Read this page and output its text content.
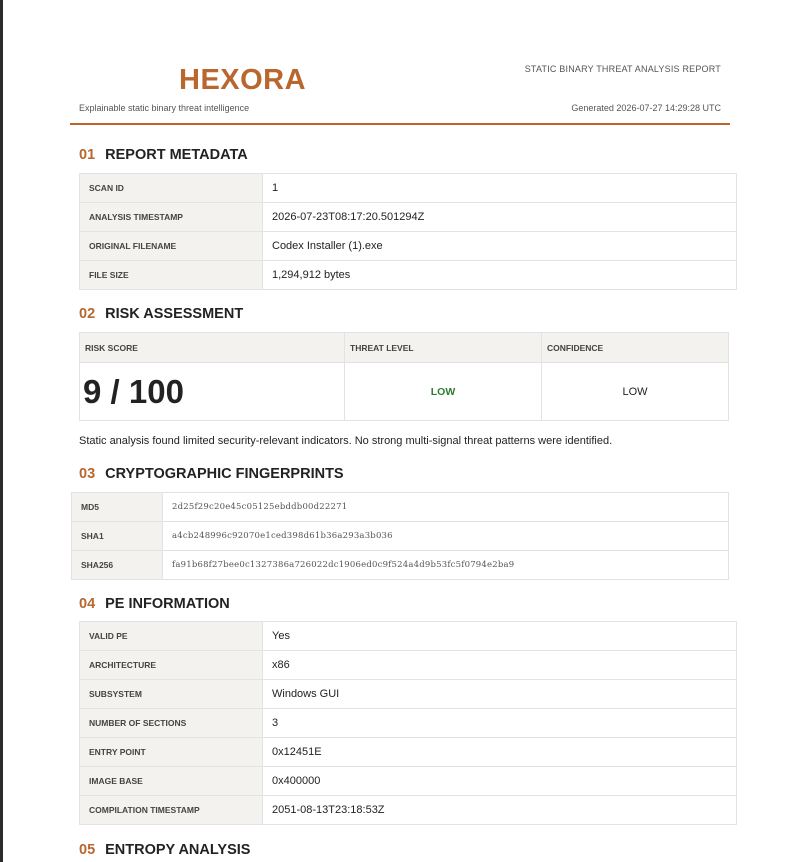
HEXORA
Explainable static binary threat intelligence
STATIC BINARY THREAT ANALYSIS REPORT
Generated 2026-07-27 14:29:28 UTC
01 REPORT METADATA
SCAN ID	1
ANALYSIS TIMESTAMP	2026-07-23T08:17:20.501294Z
ORIGINAL FILENAME	Codex Installer (1).exe
FILE SIZE	1,294,912 bytes
02 RISK ASSESSMENT
RISK SCORE	THREAT LEVEL	CONFIDENCE
9 / 100	LOW	LOW
Static analysis found limited security-relevant indicators. No strong multi-signal threat patterns were identified.
03 CRYPTOGRAPHIC FINGERPRINTS
MD5	2d25f29c20e45c05125ebddb00d22271
SHA1	a4cb248996c92070e1ced398d61b36a293a3b036
SHA256	fa91b68f27bee0c1327386a726022dc1906ed0c9f524a4d9b53fc5f0794e2ba9
04 PE INFORMATION
VALID PE	Yes
ARCHITECTURE	x86
SUBSYSTEM	Windows GUI
NUMBER OF SECTIONS	3
ENTRY POINT	0x12451E
IMAGE BASE	0x400000
COMPILATION TIMESTAMP	2051-08-13T23:18:53Z
05 ENTROPY ANALYSIS
